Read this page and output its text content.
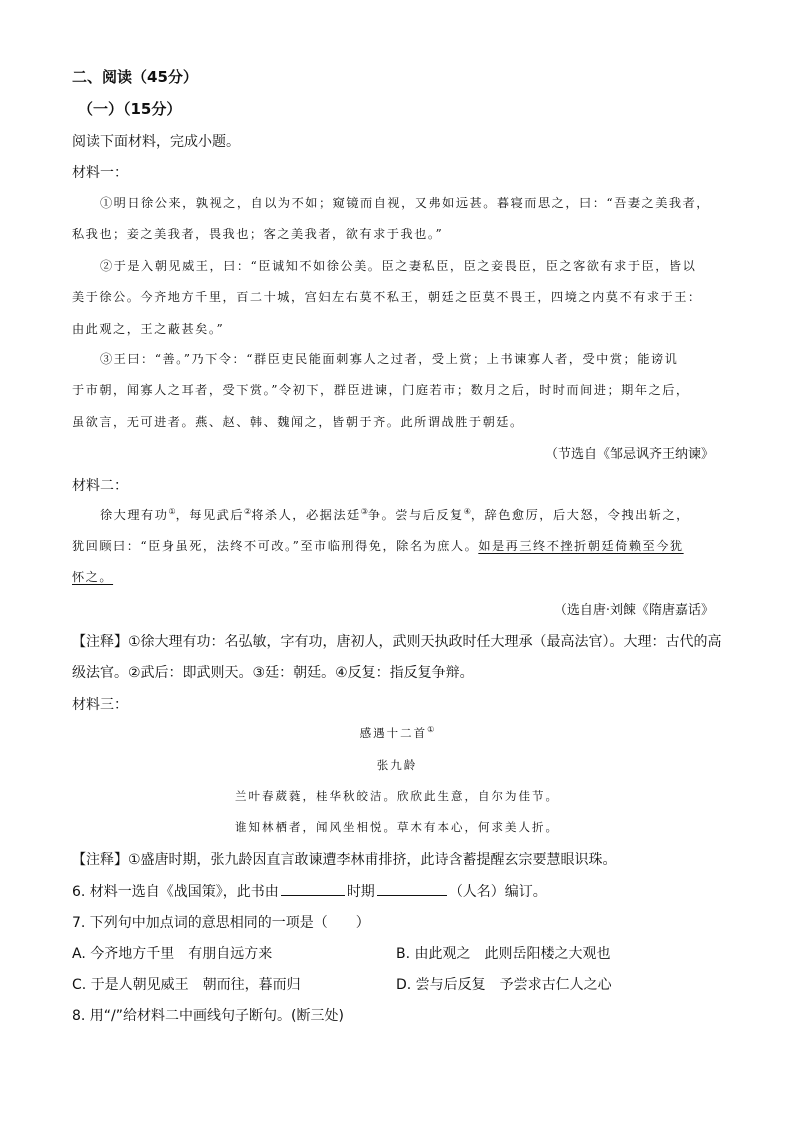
二、阅读（45分）
（一）（15分）
阅读下面材料，完成小题。
材料一：
①明日徐公来，孰视之，自以为不如；窥镜而自视，又弗如远甚。暮寝而思之，曰：“吾妻之美我者，
私我也；妾之美我者，畏我也；客之美我者，欲有求于我也。”
②于是入朝见威王，曰：“臣诚知不如徐公美。臣之妻私臣，臣之妾畏臣，臣之客欲有求于臣，皆以
美于徐公。今齐地方千里，百二十城，宫妇左右莫不私王，朝廷之臣莫不畏王，四境之内莫不有求于王：
由此观之，王之蔽甚矣。”
③王曰：“善。”乃下令：“群臣吏民能面刺寡人之过者，受上赏；上书谏寡人者，受中赏；能谤讥
于市朝，闻寡人之耳者，受下赏。”令初下，群臣进谏，门庭若市；数月之后，时时而间进；期年之后，
虽欲言，无可进者。燕、赵、韩、魏闻之，皆朝于齐。此所谓战胜于朝廷。
（节选自《邹忌讽齐王纳谏》
材料二：
徐大理有功①，每见武后②将杀人，必据法廷③争。尝与后反复④，辞色愈厉，后大怒，令拽出斩之，
犹回顾曰：“臣身虽死，法终不可改。”至市临刑得免，除名为庶人。如是再三终不挫折朝廷倚赖至今犹
怀之。
（选自唐·刘餗《隋唐嘉话》
【注释】①徐大理有功：名弘敏，字有功，唐初人，武则天执政时任大理承（最高法官）。大理：古代的高
级法官。②武后：即武则天。③廷：朝廷。④反复：指反复争辩。
材料三：
感遇十二首①
张九龄
兰叶春葳蕤，桂华秋皎洁。欣欣此生意，自尔为佳节。
谁知林栖者，闻风坐相悦。草木有本心，何求美人折。
【注释】①盛唐时期，张九龄因直言敢谏遭李林甫排挤，此诗含蓄提醒玄宗要慧眼识珠。
6. 材料一选自《战国策》，此书由	时期	（人名）编订。
7. 下列句中加点词的意思相同的一项是（　　）
A. 今齐地方千里　有朋自远方来	B. 由此观之　此则岳阳楼之大观也
C. 于是人朝见威王　朝而往，暮而归	D. 尝与后反复　予尝求古仁人之心
8. 用“/”给材料二中画线句子断句。(断三处)
